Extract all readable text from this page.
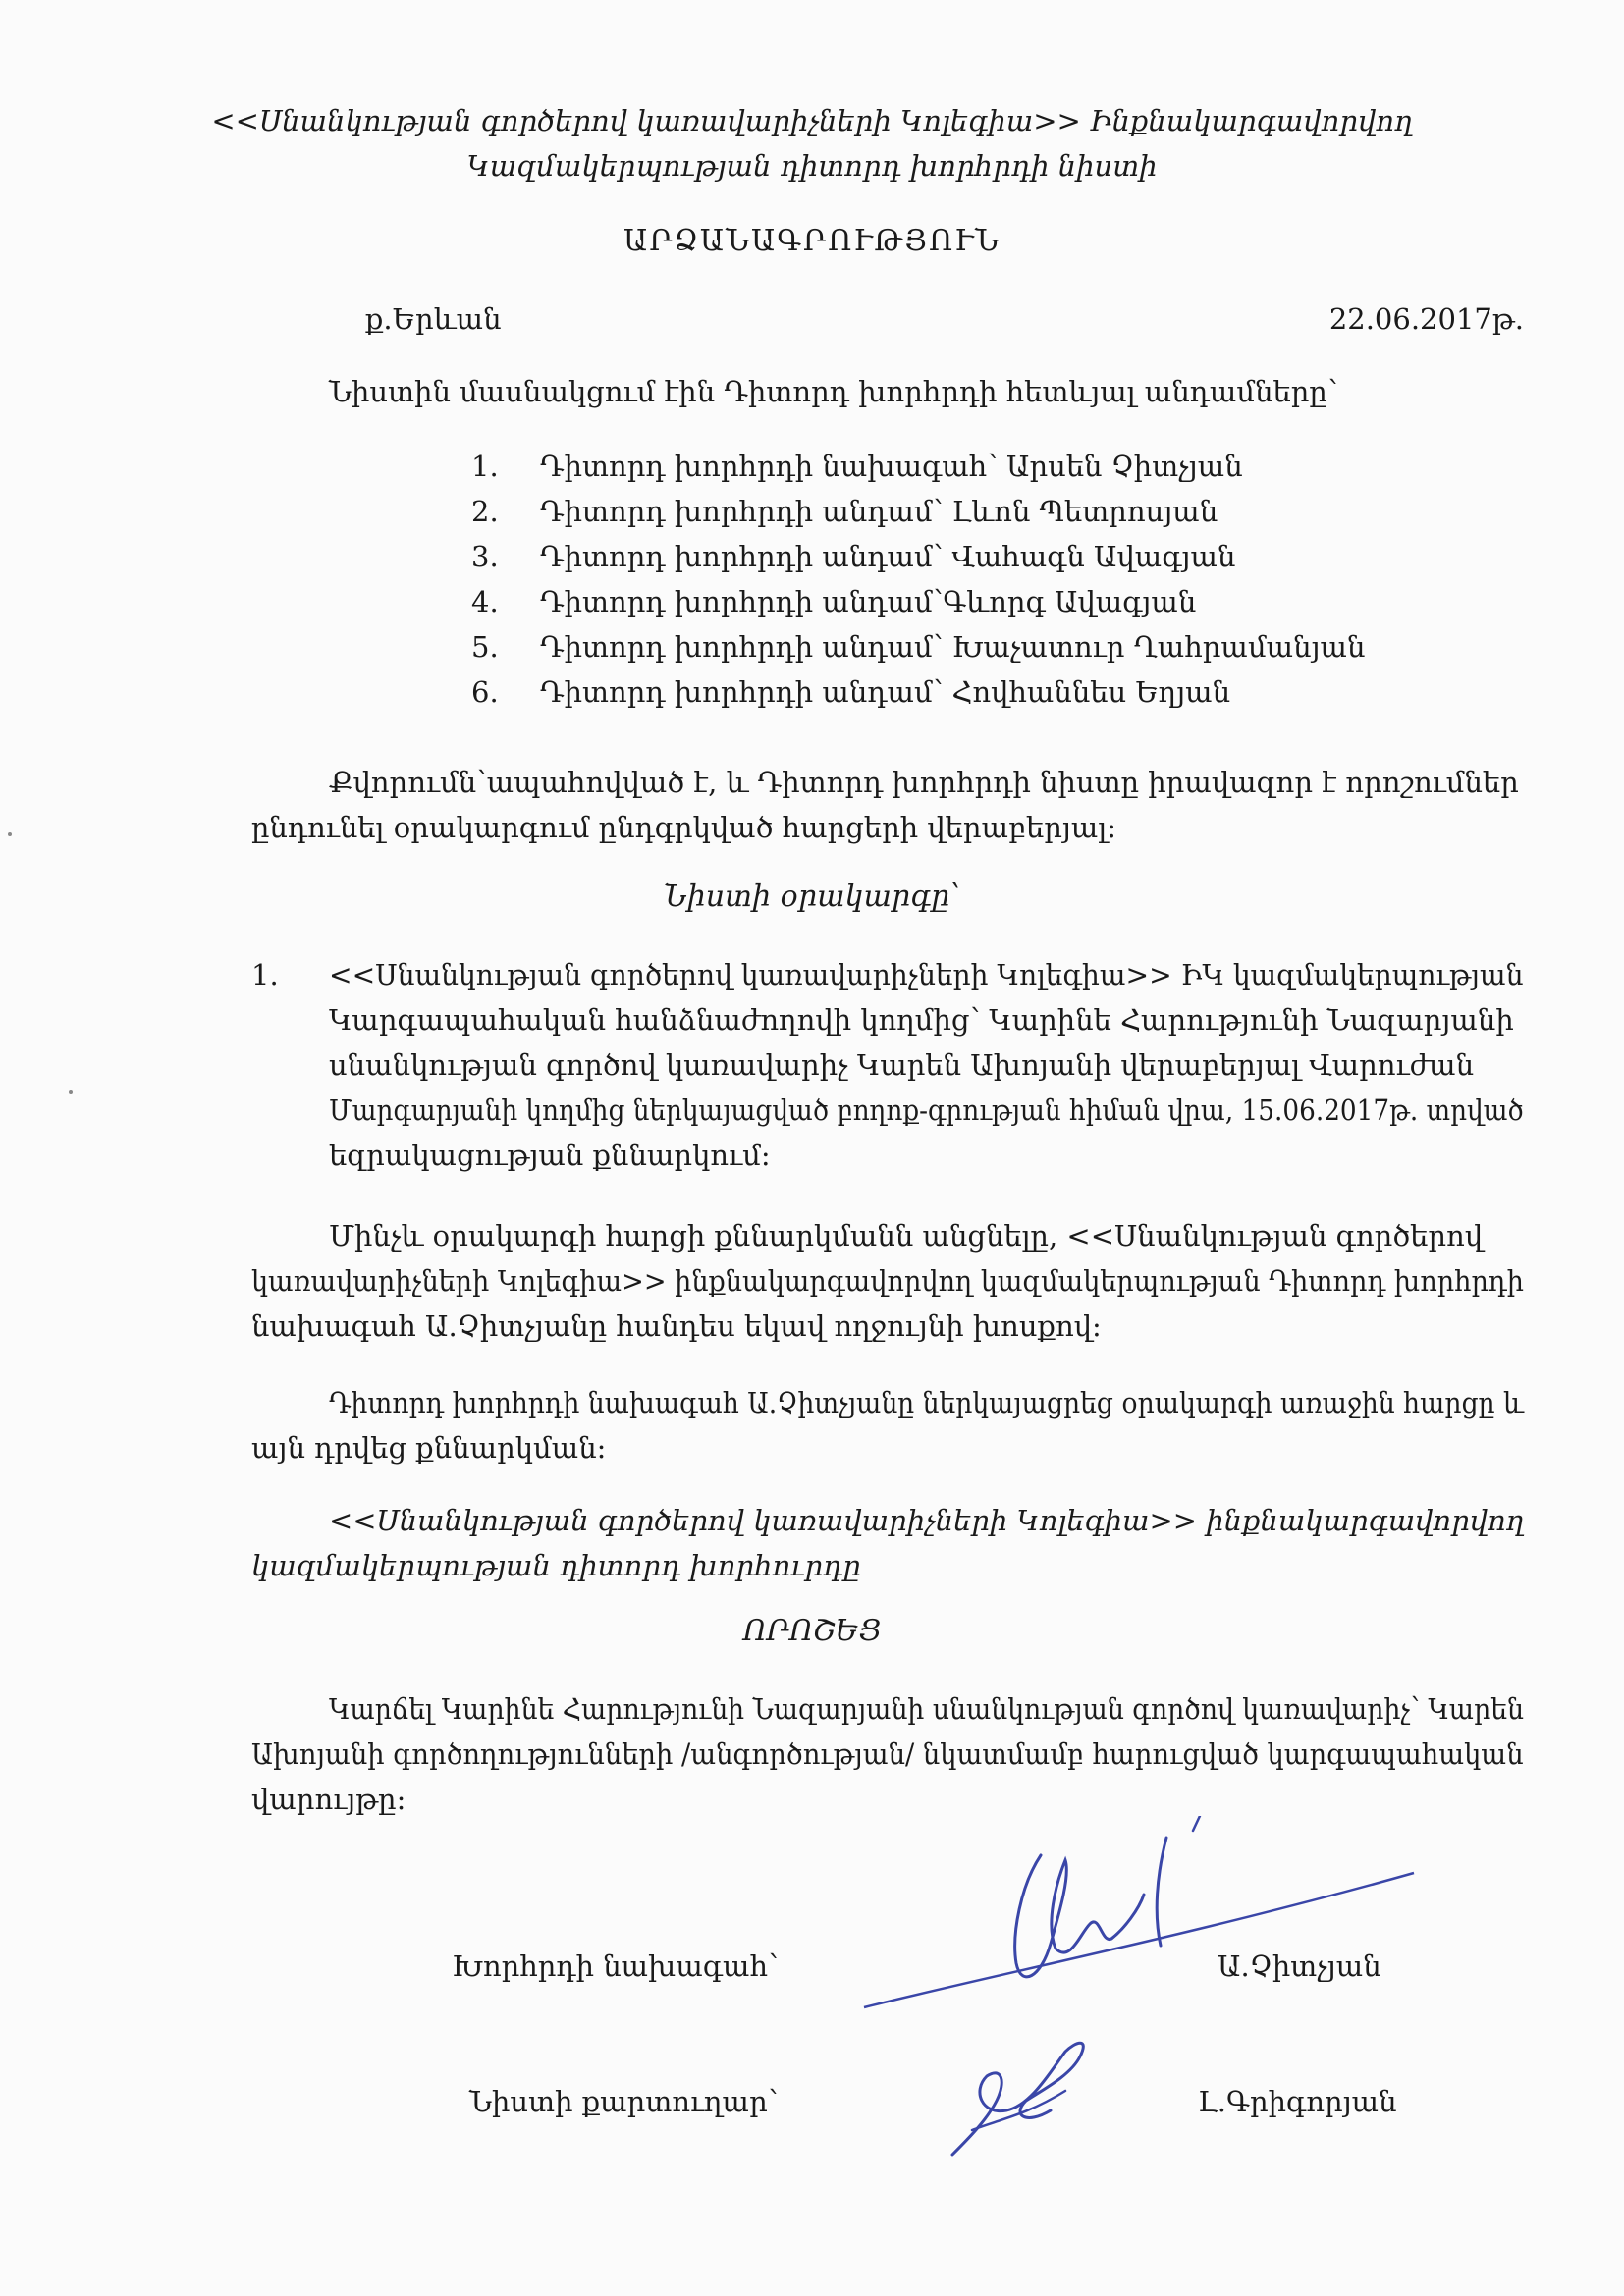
<<Սնանկության գործերով կառավարիչների Կոլեգիա>> Ինքնակարգավորվող
Կազմակերպության դիտորդ խորհրդի նիստի
ԱՐՁԱՆԱԳՐՈՒԹՅՈՒՆ
ք.Երևան	22.06.2017թ.
Նիստին մասնակցում էին Դիտորդ խորհրդի հետևյալ անդամները՝
1. Դիտորդ խորհրդի նախագահ՝ Արսեն Չիտչյան
2. Դիտորդ խորհրդի անդամ՝ Լևոն Պետրոսյան
3. Դիտորդ խորհրդի անդամ՝ Վահագն Ավագյան
4. Դիտորդ խորհրդի անդամ՝Գևորգ Ավագյան
5. Դիտորդ խորհրդի անդամ՝ Խաչատուր Ղահրամանյան
6. Դիտորդ խորհրդի անդամ՝ Հովհաննես Եղյան
Քվորումն՝ապահովված է, և Դիտորդ խորհրդի նիստը իրավազոր է որոշումներ
ընդունել օրակարգում ընդգրկված հարցերի վերաբերյալ:
Նիստի օրակարգը՝
1. <<Սնանկության գործերով կառավարիչների Կոլեգիա>> ԻԿ կազմակերպության
Կարգապահական հանձնաժողովի կողմից՝ Կարինե Հարությունի Նազարյանի
սնանկության գործով կառավարիչ Կարեն Ախոյանի վերաբերյալ Վարուժան
Մարգարյանի կողմից ներկայացված բողոք-գրության հիման վրա, 15.06.2017թ. տրված
եզրակացության քննարկում:
Մինչև օրակարգի հարցի քննարկմանն անցնելը, <<Սնանկության գործերով
կառավարիչների Կոլեգիա>> ինքնակարգավորվող կազմակերպության Դիտորդ խորհրդի
նախագահ Ա.Չիտչյանը հանդես եկավ ողջույնի խոսքով:
Դիտորդ խորհրդի նախագահ Ա.Չիտչյանը ներկայացրեց օրակարգի առաջին հարցը և
այն դրվեց քննարկման:
<<Սնանկության գործերով կառավարիչների Կոլեգիա>> ինքնակարգավորվող
կազմակերպության դիտորդ խորհուրդը
ՈՐՈՇԵՑ
Կարճել Կարինե Հարությունի Նազարյանի սնանկության գործով կառավարիչ՝ Կարեն
Ախոյանի գործողությունների /անգործության/ նկատմամբ հարուցված կարգապահական
վարույթը:
Խորհրդի նախագահ՝	Ա.Չիտչյան
Նիստի քարտուղար՝	Լ.Գրիգորյան
